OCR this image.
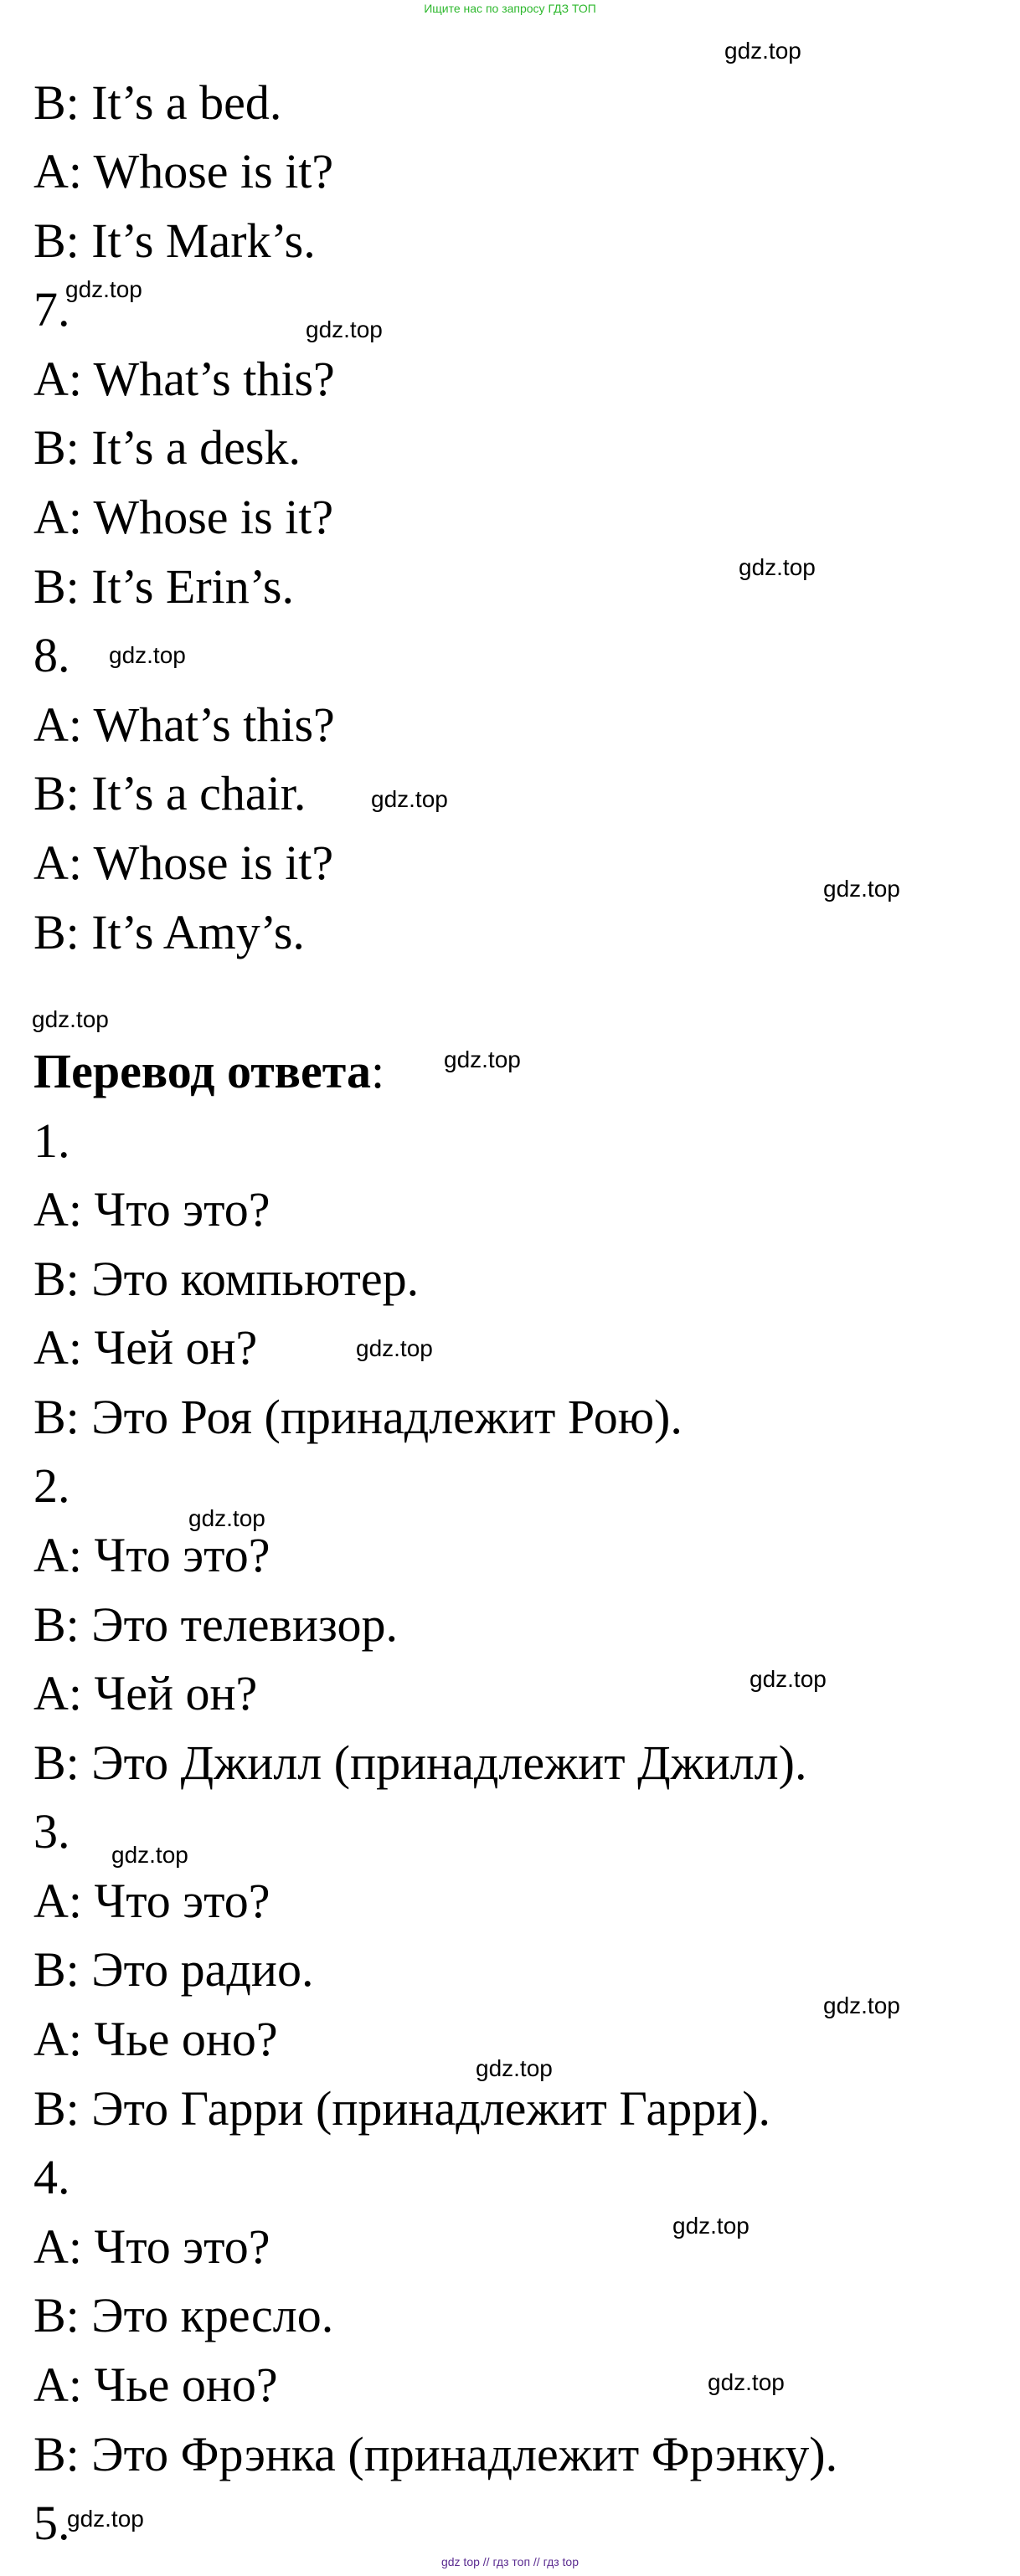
Ищите нас по запросу ГДЗ ТОП
B: It’s a bed.
A: Whose is it?
B: It’s Mark’s.
7.
A: What’s this?
B: It’s a desk.
A: Whose is it?
B: It’s Erin’s.
8.
A: What’s this?
B: It’s a chair.
A: Whose is it?
B: It’s Amy’s.
Перевод ответа:
1.
A: Что это?
B: Это компьютер.
A: Чей он?
B: Это Роя (принадлежит Рою).
2.
A: Что это?
B: Это телевизор.
A: Чей он?
B: Это Джилл (принадлежит Джилл).
3.
A: Что это?
B: Это радио.
A: Чье оно?
B: Это Гарри (принадлежит Гарри).
4.
A: Что это?
B: Это кресло.
A: Чье оно?
B: Это Фрэнка (принадлежит Фрэнку).
5.
gdz.top
gdz.top
gdz.top
gdz.top
gdz.top
gdz.top
gdz.top
gdz.top
gdz.top
gdz.top
gdz.top
gdz.top
gdz.top
gdz.top
gdz.top
gdz.top
gdz.top
gdz.top
gdz top // гдз топ // гдз top
